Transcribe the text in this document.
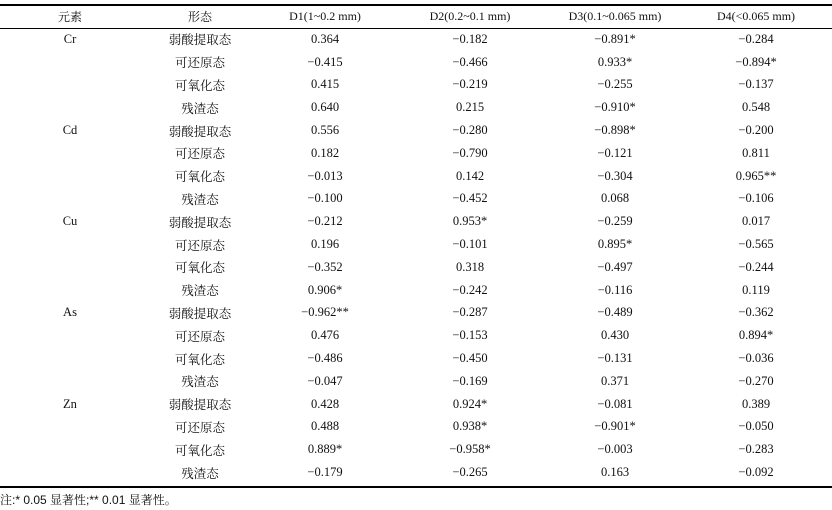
元素	形态	D1(1~0.2 mm)	D2(0.2~0.1 mm)	D3(0.1~0.065 mm)	D4(<0.065 mm)
Cr	弱酸提取态	0.364	−0.182	−0.891*	−0.284
	可还原态	−0.415	−0.466	0.933*	−0.894*
	可氧化态	0.415	−0.219	−0.255	−0.137
	残渣态	0.640	0.215	−0.910*	0.548
Cd	弱酸提取态	0.556	−0.280	−0.898*	−0.200
	可还原态	0.182	−0.790	−0.121	0.811
	可氧化态	−0.013	0.142	−0.304	0.965**
	残渣态	−0.100	−0.452	0.068	−0.106
Cu	弱酸提取态	−0.212	0.953*	−0.259	0.017
	可还原态	0.196	−0.101	0.895*	−0.565
	可氧化态	−0.352	0.318	−0.497	−0.244
	残渣态	0.906*	−0.242	−0.116	0.119
As	弱酸提取态	−0.962**	−0.287	−0.489	−0.362
	可还原态	0.476	−0.153	0.430	0.894*
	可氧化态	−0.486	−0.450	−0.131	−0.036
	残渣态	−0.047	−0.169	0.371	−0.270
Zn	弱酸提取态	0.428	0.924*	−0.081	0.389
	可还原态	0.488	0.938*	−0.901*	−0.050
	可氧化态	0.889*	−0.958*	−0.003	−0.283
	残渣态	−0.179	−0.265	0.163	−0.092
注:* 0.05 显著性;** 0.01 显著性。
